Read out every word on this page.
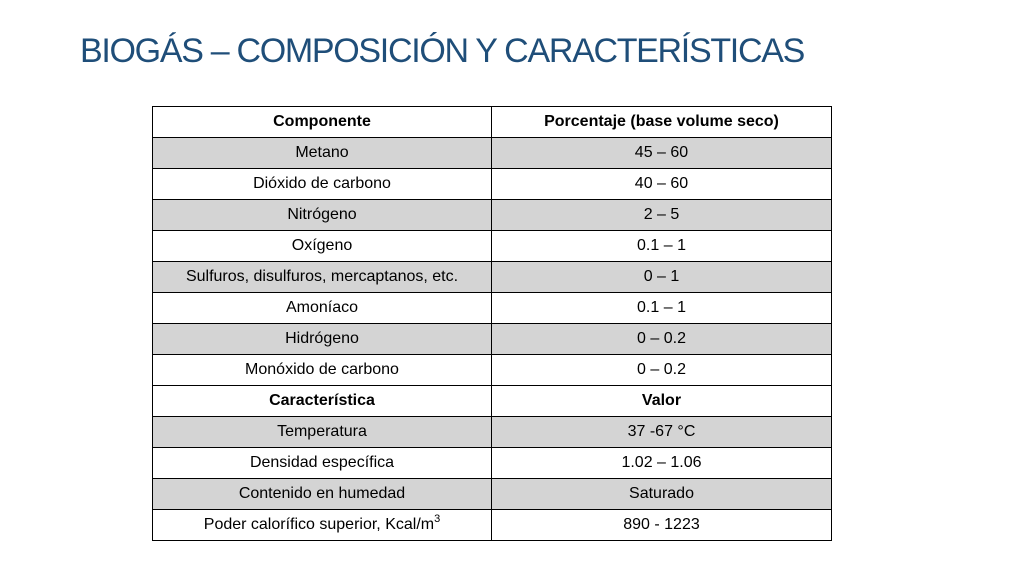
BIOGÁS – COMPOSICIÓN Y CARACTERÍSTICAS
Componente	Porcentaje (base volume seco)
Metano	45 – 60
Dióxido de carbono	40 – 60
Nitrógeno	2 – 5
Oxígeno	0.1 – 1
Sulfuros, disulfuros, mercaptanos, etc.	0 – 1
Amoníaco	0.1 – 1
Hidrógeno	0 – 0.2
Monóxido de carbono	0 – 0.2
Característica	Valor
Temperatura	37 -67 °C
Densidad específica	1.02 – 1.06
Contenido en humedad	Saturado
Poder calorífico superior, Kcal/$m^3$	890 - 1223
